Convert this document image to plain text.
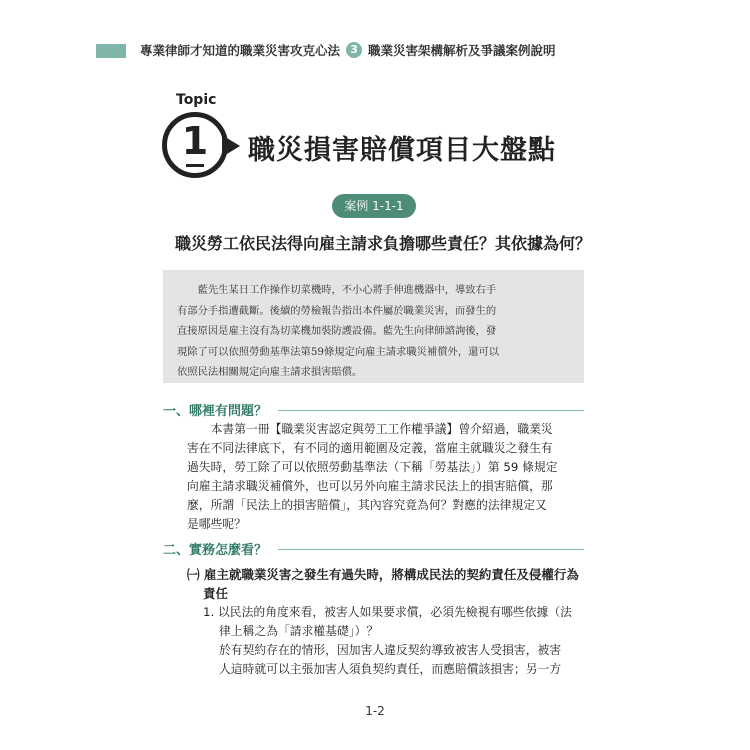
專業律師才知道的職業災害攻克心法 3 職業災害架構解析及爭議案例說明
Topic
1	職災損害賠償項目大盤點
案例 1-1-1
職災勞工依民法得向雇主請求負擔哪些責任？其依據為何？
　　藍先生某日工作操作切菜機時，不小心將手伸進機器中，導致右手
有部分手指遭截斷。後續的勞檢報告指出本件屬於職業災害，而發生的
直接原因是雇主沒有為切菜機加裝防護設備。藍先生向律師諮詢後，發
現除了可以依照勞動基準法第59條規定向雇主請求職災補償外，還可以
依照民法相關規定向雇主請求損害賠償。
一、哪裡有問題？
　　本書第一冊【職業災害認定與勞工工作權爭議】曾介紹過，職業災
害在不同法律底下，有不同的適用範圍及定義，當雇主就職災之發生有
過失時，勞工除了可以依照勞動基準法（下稱「勞基法」）第 59 條規定
向雇主請求職災補償外，也可以另外向雇主請求民法上的損害賠償，那
麼，所謂「民法上的損害賠償」，其內容究竟為何？對應的法律規定又
是哪些呢？
二、實務怎麼看？
㈠ 雇主就職業災害之發生有過失時，將構成民法的契約責任及侵權行為
責任
1. 以民法的角度來看，被害人如果要求償，必須先檢視有哪些依據（法
律上稱之為「請求權基礎」）？
於有契約存在的情形，因加害人違反契約導致被害人受損害，被害
人這時就可以主張加害人須負契約責任，而應賠償該損害；另一方
1-2
